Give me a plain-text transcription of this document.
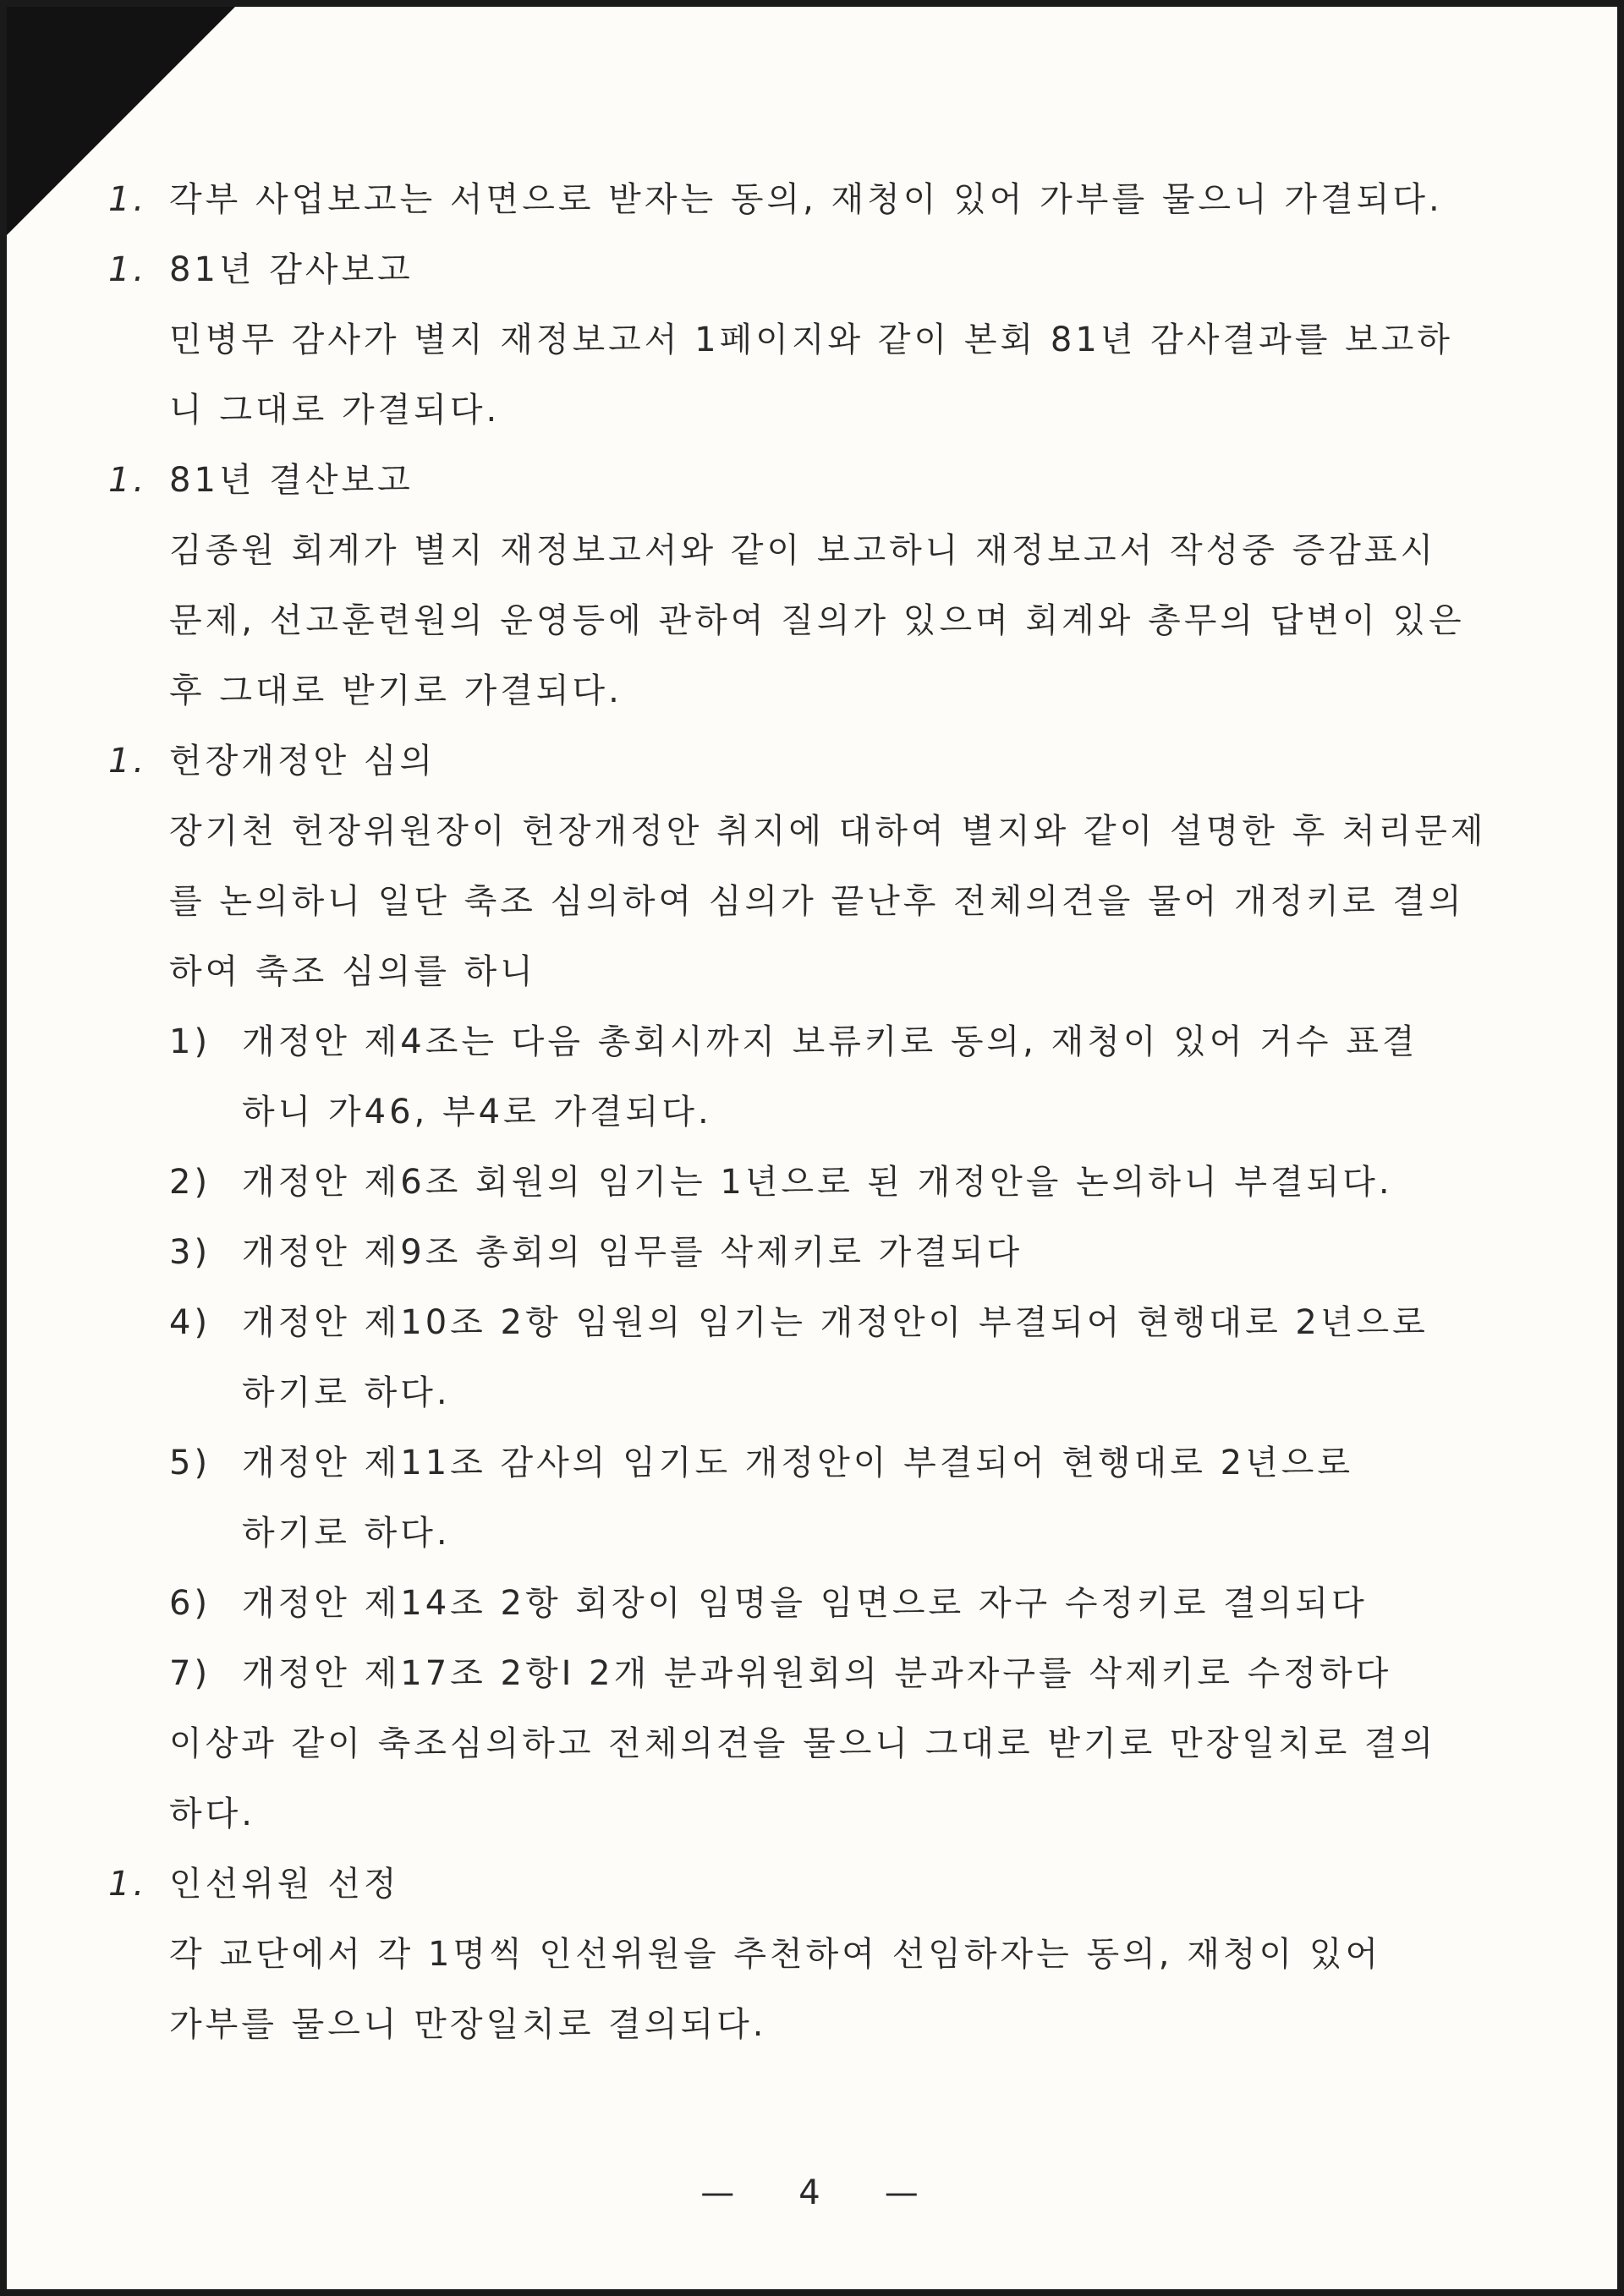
1. 각부 사업보고는 서면으로 받자는 동의, 재청이 있어 가부를 물으니 가결되다.
1. 81년 감사보고
민병무 감사가 별지 재정보고서 1페이지와 같이 본회 81년 감사결과를 보고하
니 그대로 가결되다.
1. 81년 결산보고
김종원 회계가 별지 재정보고서와 같이 보고하니 재정보고서 작성중 증감표시
문제, 선고훈련원의 운영등에 관하여 질의가 있으며 회계와 총무의 답변이 있은
후 그대로 받기로 가결되다.
1. 헌장개정안 심의
장기천 헌장위원장이 헌장개정안 취지에 대하여 별지와 같이 설명한 후 처리문제
를 논의하니 일단 축조 심의하여 심의가 끝난후 전체의견을 물어 개정키로 결의
하여 축조 심의를 하니
1) 개정안 제4조는 다음 총회시까지 보류키로 동의, 재청이 있어 거수 표결
하니 가46, 부4로 가결되다.
2) 개정안 제6조 회원의 임기는 1년으로 된 개정안을 논의하니 부결되다.
3) 개정안 제9조 총회의 임무를 삭제키로 가결되다
4) 개정안 제10조 2항 임원의 임기는 개정안이 부결되어 현행대로 2년으로
하기로 하다.
5) 개정안 제11조 감사의 임기도 개정안이 부결되어 현행대로 2년으로
하기로 하다.
6) 개정안 제14조 2항 회장이 임명을 임면으로 자구 수정키로 결의되다
7) 개정안 제17조 2항I 2개 분과위원회의 분과자구를 삭제키로 수정하다
이상과 같이 축조심의하고 전체의견을 물으니 그대로 받기로 만장일치로 결의
하다.
1. 인선위원 선정
각 교단에서 각 1명씩 인선위원을 추천하여 선임하자는 동의, 재청이 있어
가부를 물으니 만장일치로 결의되다.
— 4 —
